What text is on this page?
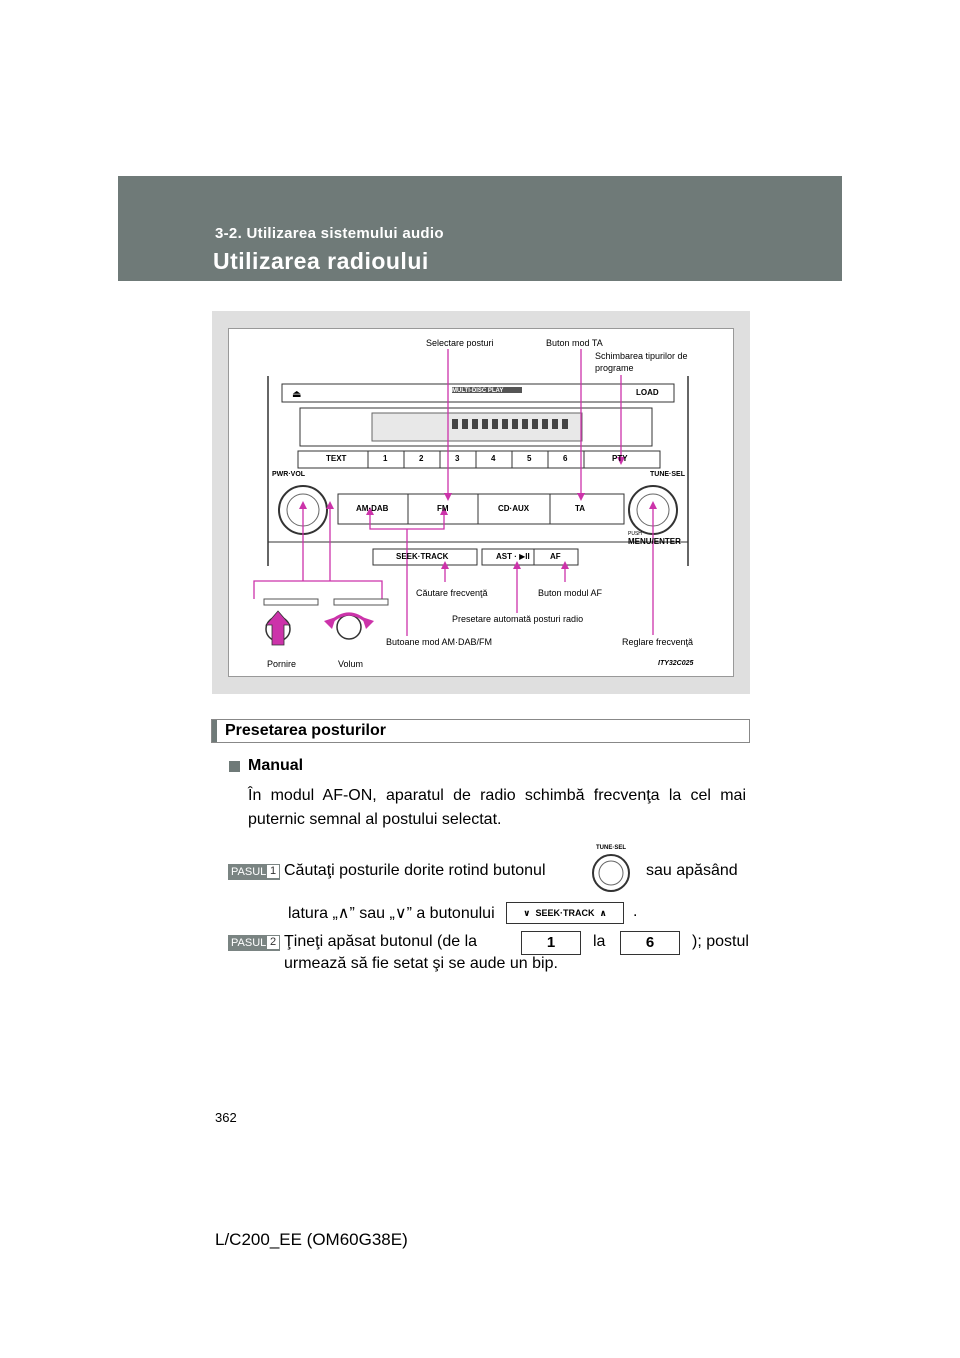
3-2. Utilizarea sistemului audio
Utilizarea radioului
⏏
Selectare posturi	Buton mod TA
Schimbarea tipurilor de
programe
MULTI-DISC PLAY	LOAD
TEXT	1	2	3	4	5	6	PTY
PWR·VOL	TUNE·SEL
AM·DAB	FM	CD·AUX	TA
PUSH
MENU/ENTER
SEEK·TRACK	AST · ▶II	AF
Căutare frecvenţă	Buton modul AF
Presetare automată posturi radio
Butoane mod AM·DAB/FM	Reglare frecvenţă
Pornire	Volum	ITY32C025
Presetarea posturilor
Manual
În modul AF-ON, aparatul de radio schimbă frecvenţa la cel mai puternic semnal al postului selectat.
PASUL 1 Căutaţi posturile dorite rotind butonul
TUNE·SEL
sau apăsând
latura „∧” sau „∨” a butonului	∨ SEEK·TRACK ∧	.
PASUL 2 Ţineţi apăsat butonul (de la	1	la	6	); postul
urmează să fie setat şi se aude un bip.
362
L/C200_EE (OM60G38E)
